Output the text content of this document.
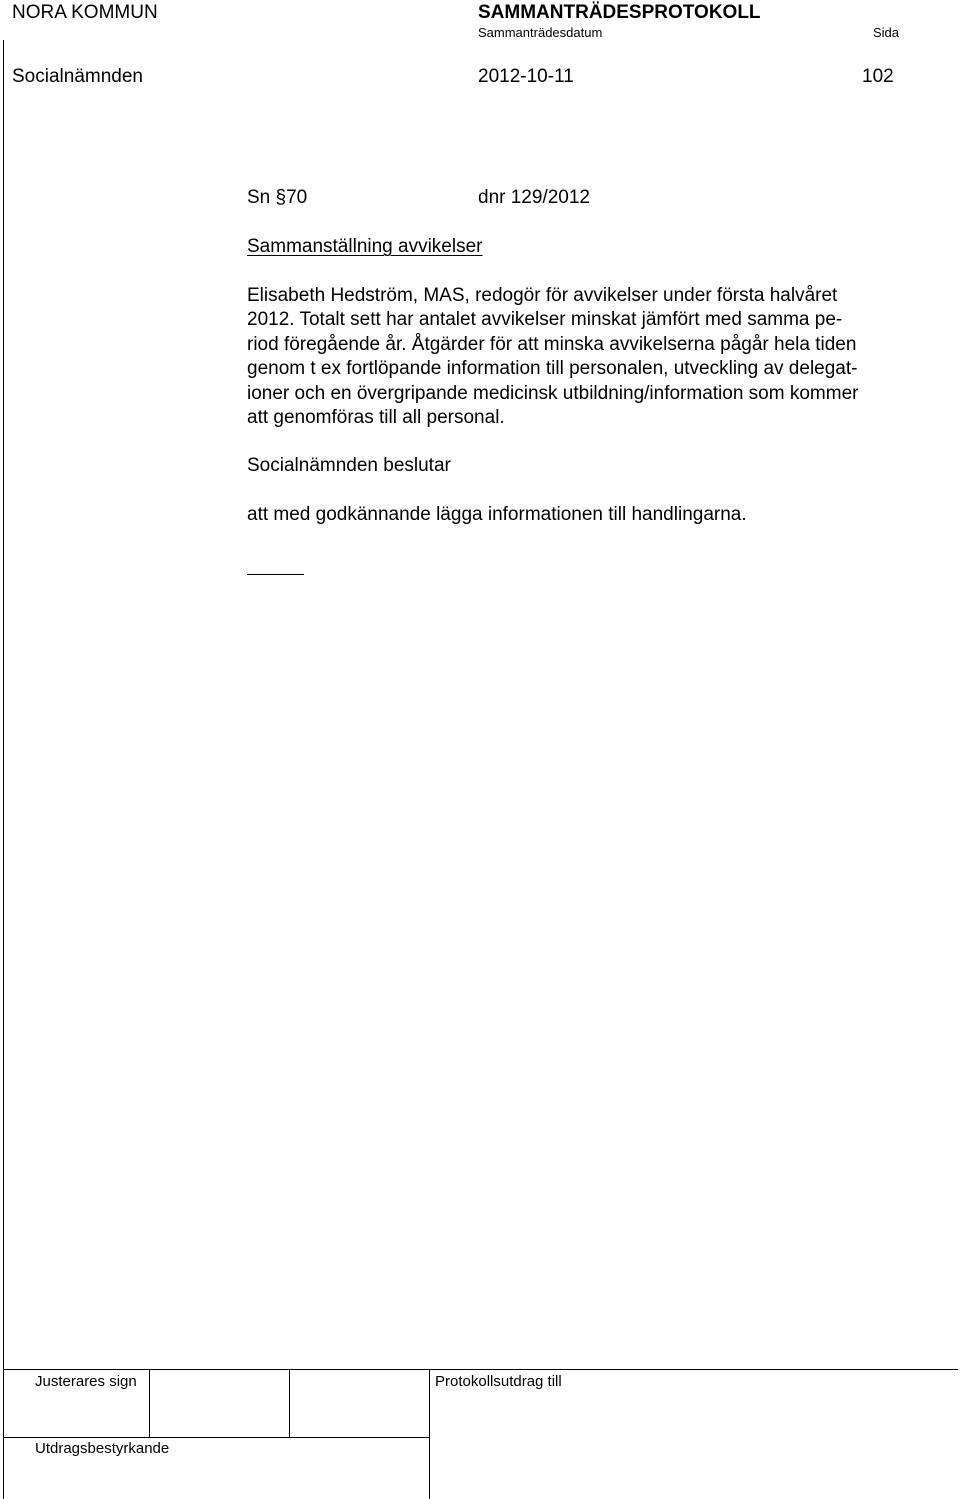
NORA KOMMUN	SAMMANTRÄDESPROTOKOLL
Sammanträdesdatum	Sida
Socialnämnden	2012-10-11	102
Sn §70	dnr 129/2012
Sammanställning avvikelser
Elisabeth Hedström, MAS, redogör för avvikelser under första halvåret
2012. Totalt sett har antalet avvikelser minskat jämfört med samma pe-
riod föregående år. Åtgärder för att minska avvikelserna pågår hela tiden
genom t ex fortlöpande information till personalen, utveckling av delegat-
ioner och en övergripande medicinsk utbildning/information som kommer
att genomföras till all personal.
Socialnämnden beslutar
att med godkännande lägga informationen till handlingarna.
Justerares sign	Protokollsutdrag till
Utdragsbestyrkande
